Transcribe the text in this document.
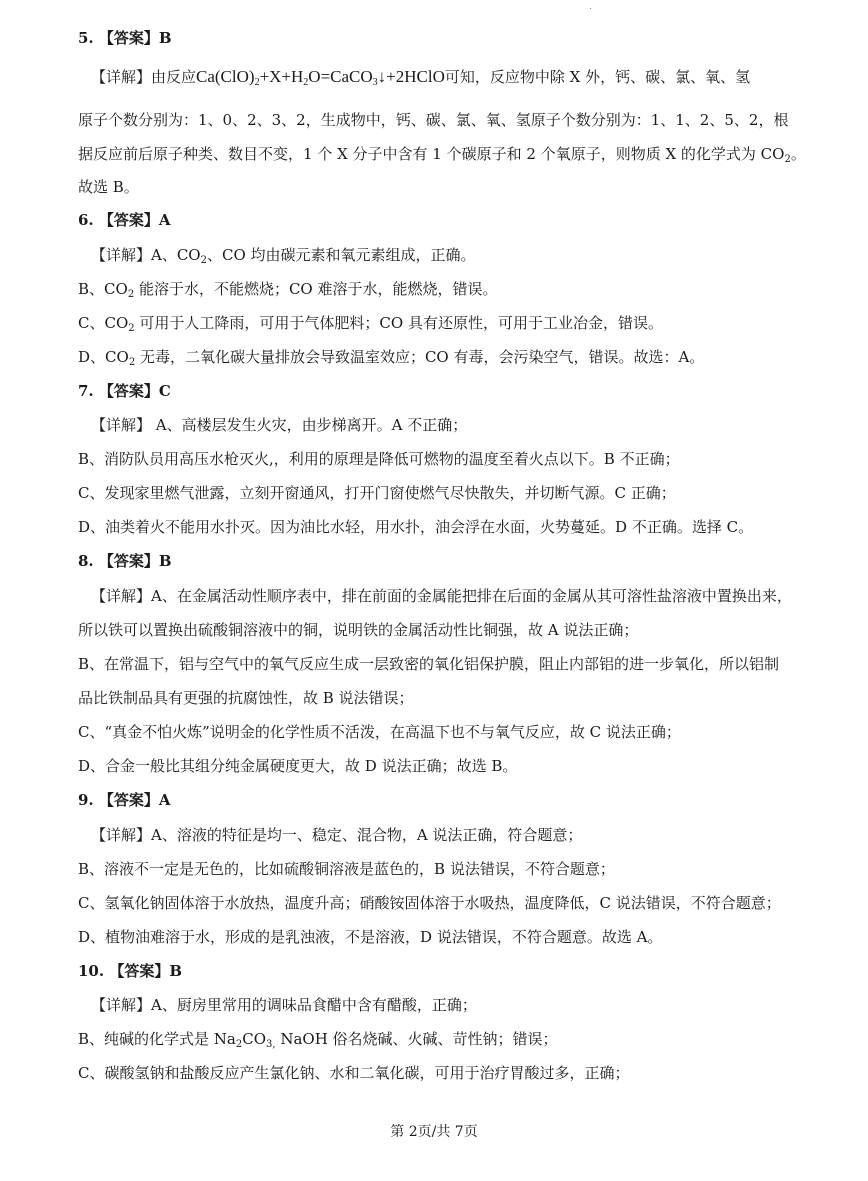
5. 【答案】B
【详解】由反应$Ca(ClO)_2+X+H_2O=CaCO_3↓+2HClO$可知，反应物中除 X 外，钙、碳、氯、氧、氢
原子个数分别为：1、0、2、3、2，生成物中，钙、碳、氯、氧、氢原子个数分别为：1、1、2、5、2，根
据反应前后原子种类、数目不变，1 个 X 分子中含有 1 个碳原子和 2 个氧原子，则物质 X 的化学式为 $CO_2$。
故选 B。
6. 【答案】A
【详解】A、$CO_2$、CO 均由碳元素和氧元素组成，正确。
B、$CO_2$ 能溶于水，不能燃烧；CO 难溶于水，能燃烧，错误。
C、$CO_2$ 可用于人工降雨，可用于气体肥料；CO 具有还原性，可用于工业冶金，错误。
D、$CO_2$ 无毒，二氧化碳大量排放会导致温室效应；CO 有毒，会污染空气，错误。故选：A。
7. 【答案】C
【详解】 A、高楼层发生火灾，由步梯离开。A 不正确；
B、消防队员用高压水枪灭火,，利用的原理是降低可燃物的温度至着火点以下。B 不正确；
C、发现家里燃气泄露，立刻开窗通风，打开门窗使燃气尽快散失，并切断气源。C 正确；
D、油类着火不能用水扑灭。因为油比水轻，用水扑，油会浮在水面，火势蔓延。D 不正确。选择 C。
8. 【答案】B
【详解】A、在金属活动性顺序表中，排在前面的金属能把排在后面的金属从其可溶性盐溶液中置换出来，
所以铁可以置换出硫酸铜溶液中的铜，说明铁的金属活动性比铜强，故 A 说法正确；
B、在常温下，铝与空气中的氧气反应生成一层致密的氧化铝保护膜，阻止内部铝的进一步氧化，所以铝制
品比铁制品具有更强的抗腐蚀性，故 B 说法错误；
C、“真金不怕火炼”说明金的化学性质不活泼，在高温下也不与氧气反应，故 C 说法正确；
D、合金一般比其组分纯金属硬度更大，故 D 说法正确；故选 B。
9. 【答案】A
【详解】A、溶液的特征是均一、稳定、混合物，A 说法正确，符合题意；
B、溶液不一定是无色的，比如硫酸铜溶液是蓝色的，B 说法错误，不符合题意；
C、氢氧化钠固体溶于水放热，温度升高；硝酸铵固体溶于水吸热，温度降低，C 说法错误，不符合题意；
D、植物油难溶于水，形成的是乳浊液，不是溶液，D 说法错误，不符合题意。故选 A。
10. 【答案】B
【详解】A、厨房里常用的调味品食醋中含有醋酸，正确；
B、纯碱的化学式是 $Na_2CO_{3,}$ NaOH 俗名烧碱、火碱、苛性钠；错误；
C、碳酸氢钠和盐酸反应产生氯化钠、水和二氧化碳，可用于治疗胃酸过多，正确；
第 2页/共 7页
